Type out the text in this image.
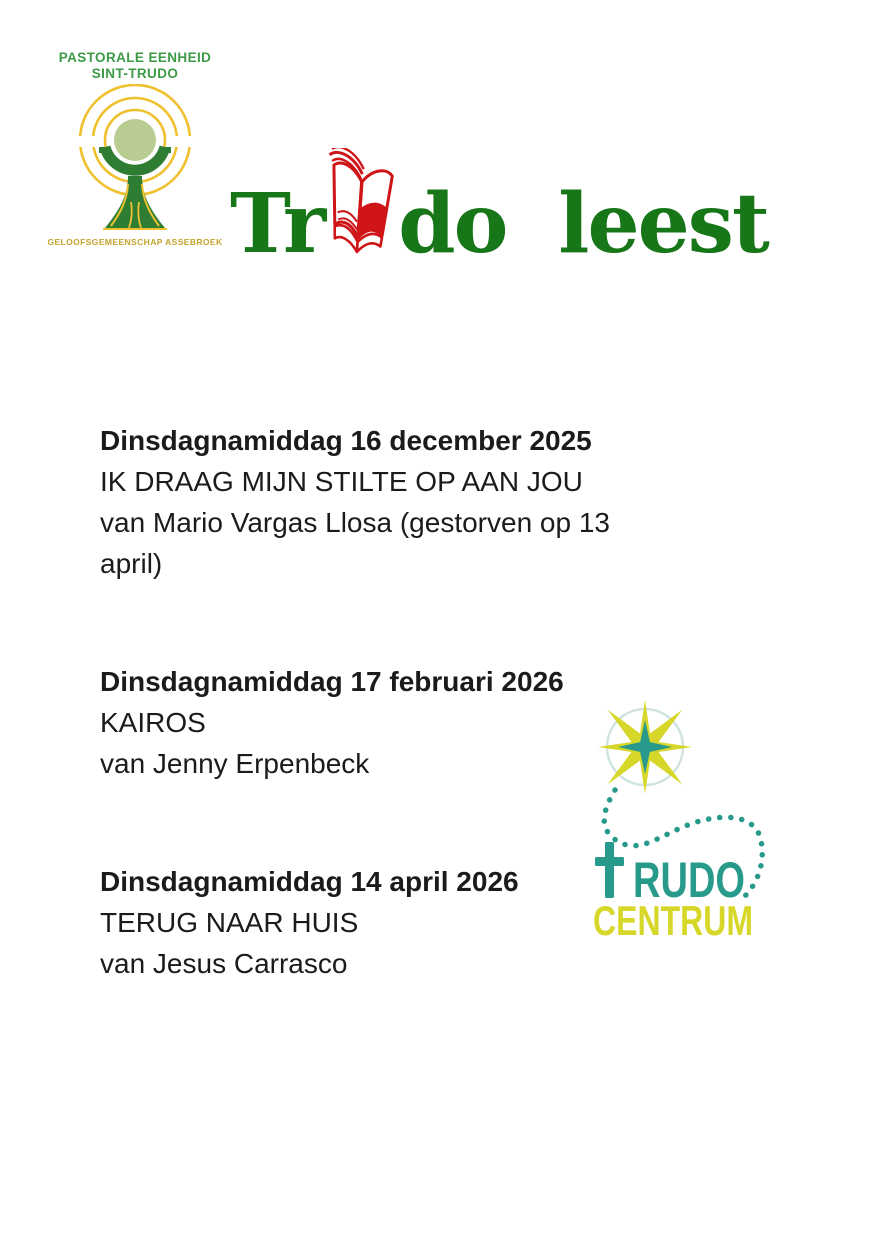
PASTORALE EENHEID
SINT-TRUDO
GELOOFSGEMEENSCHAP ASSEBROEK Tr do leest
Dinsdagnamiddag 16 december 2025
IK DRAAG MIJN STILTE OP AAN JOU
van Mario Vargas Llosa (gestorven op 13 april)
Dinsdagnamiddag 17 februari 2026
KAIROS
van Jenny Erpenbeck
Dinsdagnamiddag 14 april 2026
TERUG NAAR HUIS
van Jesus Carrasco
RUDO
CENTRUM
